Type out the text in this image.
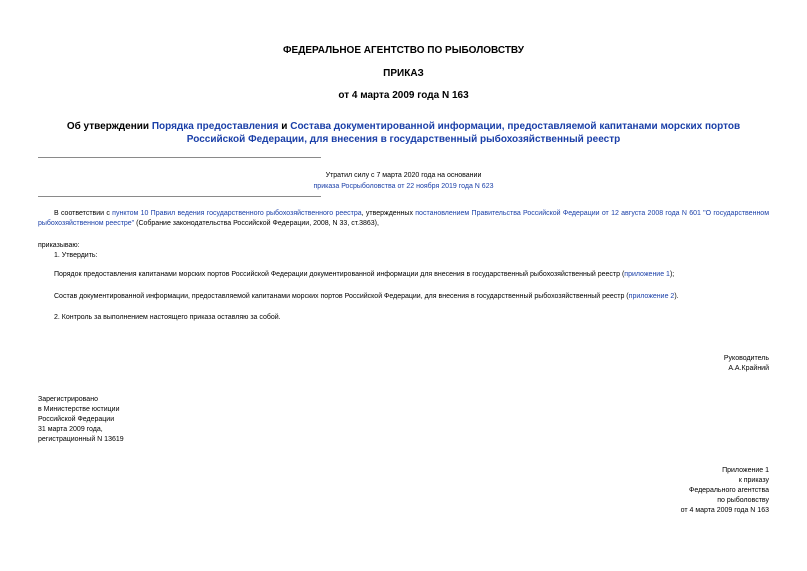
ФЕДЕРАЛЬНОЕ АГЕНТСТВО ПО РЫБОЛОВСТВУ
ПРИКАЗ
от 4 марта 2009 года N 163
Об утверждении Порядка предоставления и Состава документированной информации, предоставляемой капитанами морских портов Российской Федерации, для внесения в государственный рыбохозяйственный реестр
Утратил силу с 7 марта 2020 года на основании
приказа Росрыболовства от 22 ноября 2019 года N 623
В соответствии с пунктом 10 Правил ведения государственного рыбохозяйственного реестра, утвержденных постановлением Правительства Российской Федерации от 12 августа 2008 года N 601 "О государственном рыбохозяйственном реестре" (Собрание законодательства Российской Федерации, 2008, N 33, ст.3863),
приказываю:
1. Утвердить:
Порядок предоставления капитанами морских портов Российской Федерации документированной информации для внесения в государственный рыбохозяйственный реестр (приложение 1);
Состав документированной информации, предоставляемой капитанами морских портов Российской Федерации, для внесения в государственный рыбохозяйственный реестр (приложение 2).
2. Контроль за выполнением настоящего приказа оставляю за собой.
Руководитель
А.А.Крайний
Зарегистрировано
в Министерстве юстиции
Российской Федерации
31 марта 2009 года,
регистрационный N 13619
Приложение 1
к приказу
Федерального агентства
по рыболовству
от 4 марта 2009 года N 163
